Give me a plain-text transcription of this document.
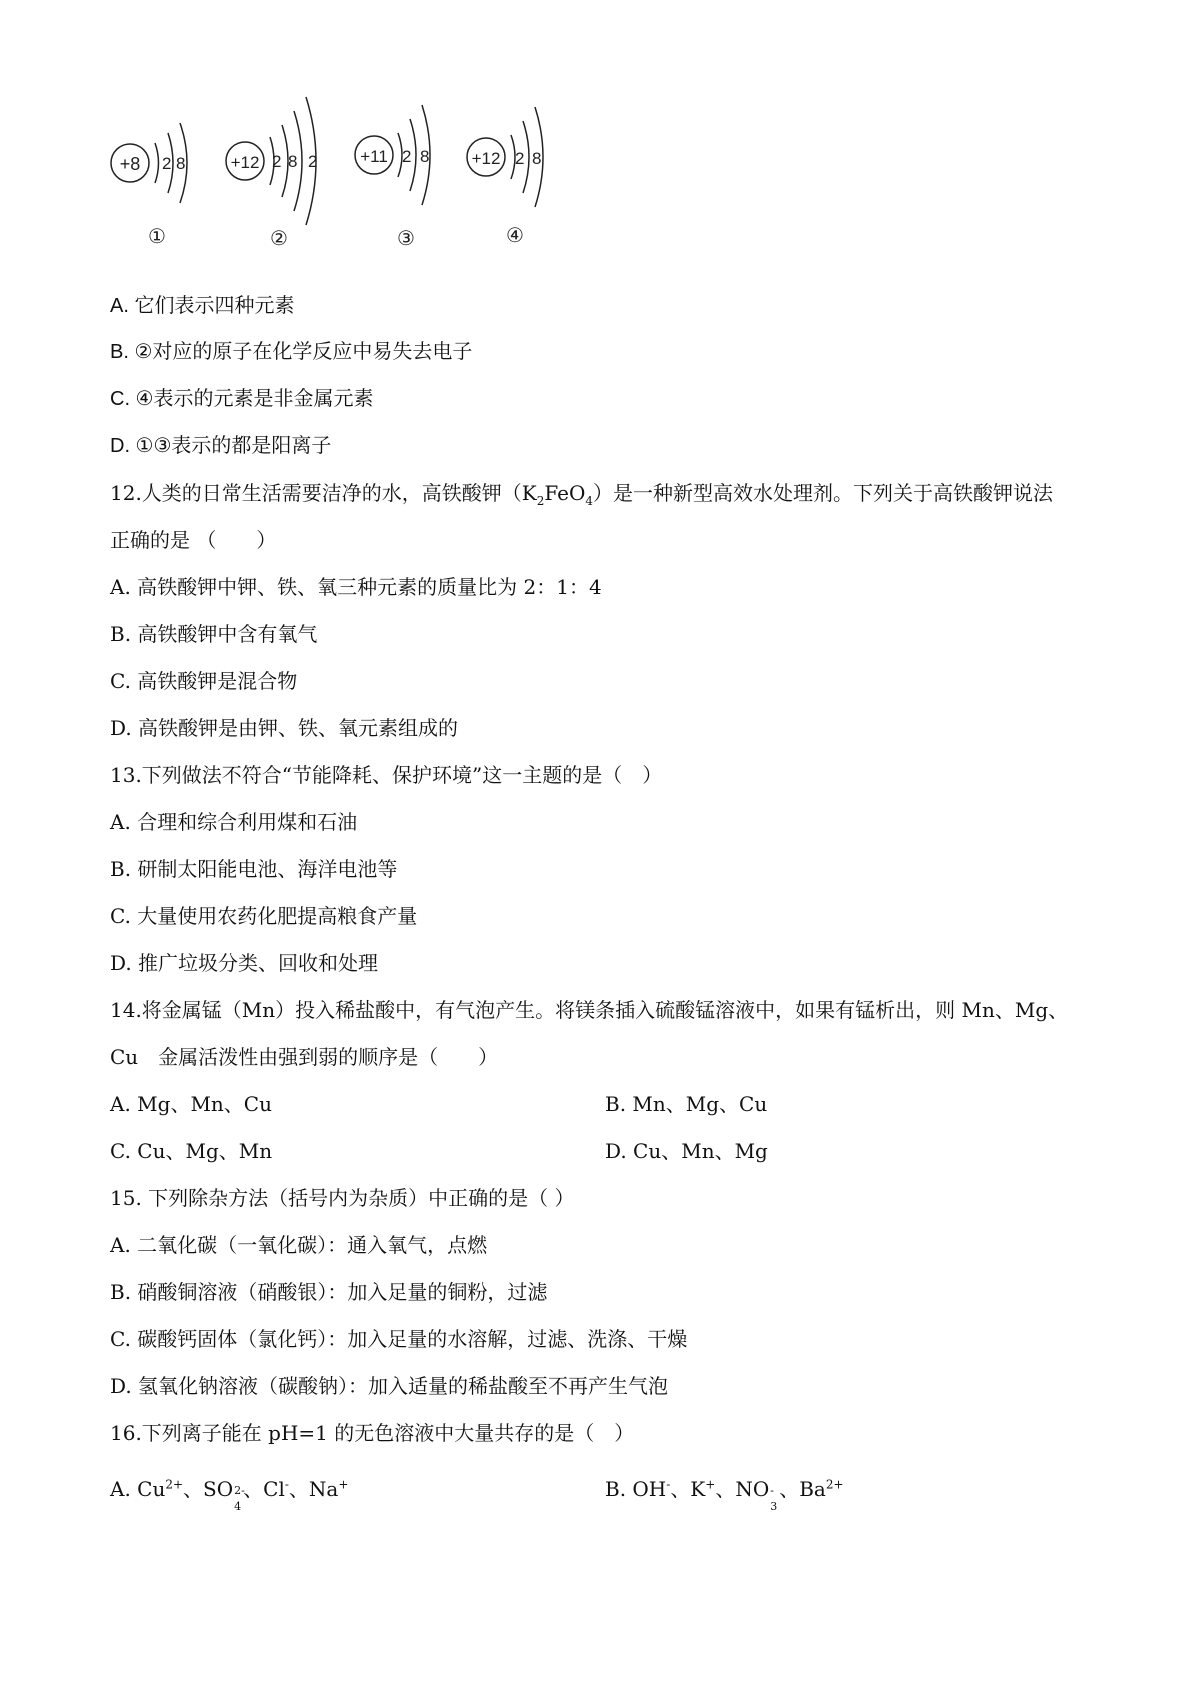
+8 2 8
①
+12 2 8 2
②
+11 2 8
③
+12 2 8
④
A. 它们表示四种元素
B. ②对应的原子在化学反应中易失去电子
C. ④表示的元素是非金属元素
D. ①③表示的都是阳离子
12.人类的日常生活需要洁净的水，高铁酸钾$(K_2FeO_4)$是一种新型高效水处理剂。下列关于高铁酸钾说法
正确的是 （　　）
A. 高铁酸钾中钾、铁、氧三种元素的质量比为 2：1：4
B. 高铁酸钾中含有氧气
C. 高铁酸钾是混合物
D. 高铁酸钾是由钾、铁、氧元素组成的
13.下列做法不符合“节能降耗、保护环境”这一主题的是（　）
A. 合理和综合利用煤和石油
B. 研制太阳能电池、海洋电池等
C. 大量使用农药化肥提高粮食产量
D. 推广垃圾分类、回收和处理
14.将金属锰（Mn）投入稀盐酸中，有气泡产生。将镁条插入硫酸锰溶液中，如果有锰析出，则 Mn、Mg、
Cu　金属活泼性由强到弱的顺序是（　　）
A. Mg、Mn、Cu	B. Mn、Mg、Cu
C. Cu、Mg、Mn	D. Cu、Mn、Mg
15. 下列除杂方法（括号内为杂质）中正确的是（ ）
A. 二氧化碳（一氧化碳）：通入氧气，点燃
B. 硝酸铜溶液（硝酸银）：加入足量的铜粉，过滤
C. 碳酸钙固体（氯化钙）：加入足量的水溶解，过滤、洗涤、干燥
D. 氢氧化钠溶液（碳酸钠）：加入适量的稀盐酸至不再产生气泡
16.下列离子能在 pH=1 的无色溶液中大量共存的是（　）
A. $Cu^{2+}$、SO 2-
4
、Cl-、Na+	B. OH-、K+、NO -
3
、$Ba^{2+}$
